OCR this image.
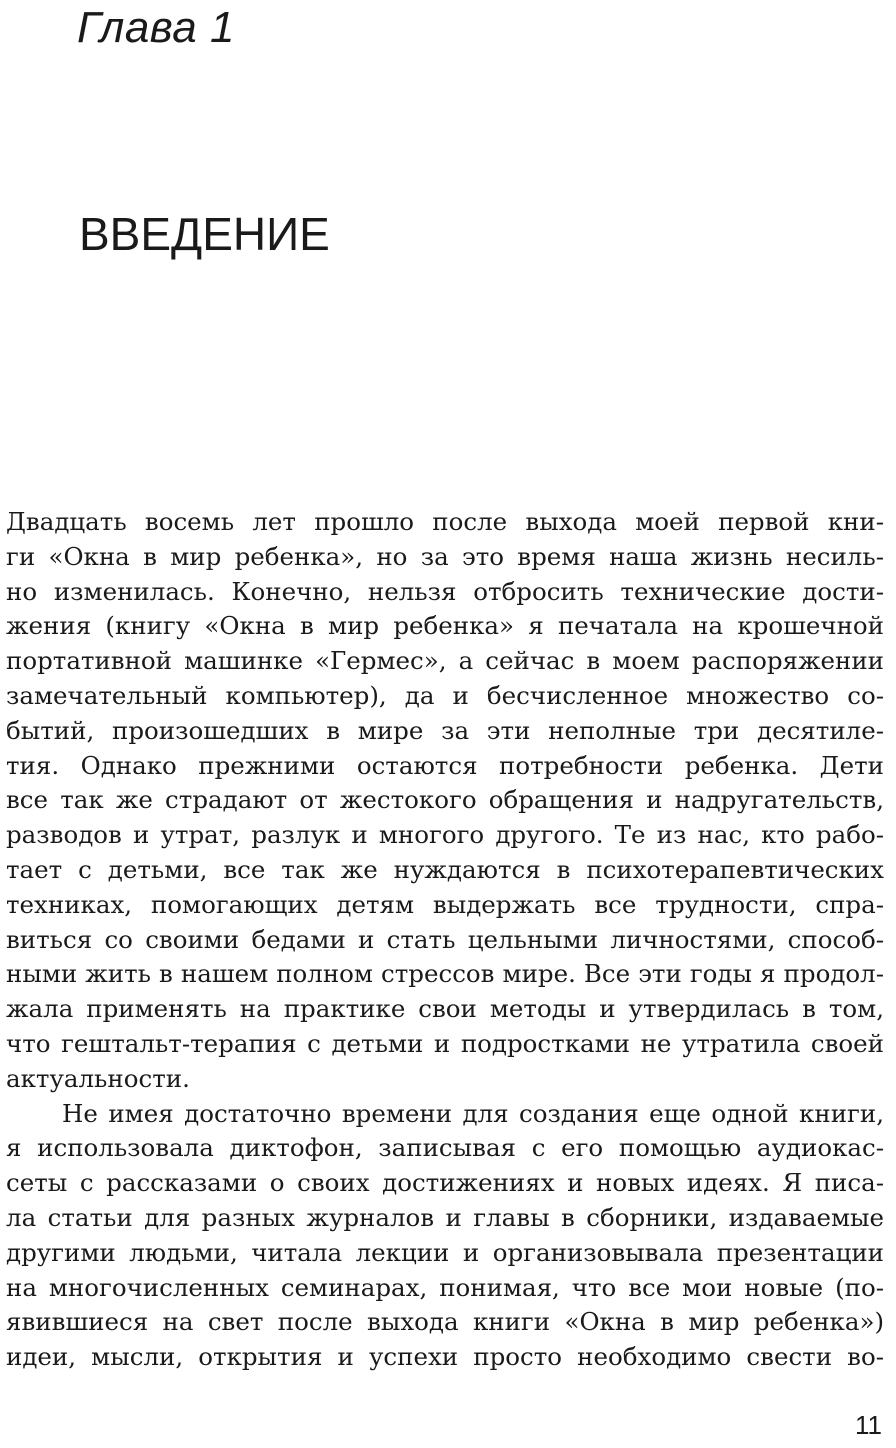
Глава 1
ВВЕДЕНИЕ
Двадцать восемь лет прошло после выхода моей первой кни-
ги «Окна в мир ребенка», но за это время наша жизнь несиль-
но изменилась. Конечно, нельзя отбросить технические дости-
жения (книгу «Окна в мир ребенка» я печатала на крошечной
портативной машинке «Гермес», а сейчас в моем распоряжении
замечательный компьютер), да и бесчисленное множество со-
бытий, произошедших в мире за эти неполные три десятиле-
тия. Однако прежними остаются потребности ребенка. Дети
все так же страдают от жестокого обращения и надругательств,
разводов и утрат, разлук и многого другого. Те из нас, кто рабо-
тает с детьми, все так же нуждаются в психотерапевтических
техниках, помогающих детям выдержать все трудности, спра-
виться со своими бедами и стать цельными личностями, способ-
ными жить в нашем полном стрессов мире. Все эти годы я продол-
жала применять на практике свои методы и утвердилась в том,
что гештальт-терапия с детьми и подростками не утратила своей
актуальности.
Не имея достаточно времени для создания еще одной книги,
я использовала диктофон, записывая с его помощью аудиокас-
сеты с рассказами о своих достижениях и новых идеях. Я писа-
ла статьи для разных журналов и главы в сборники, издаваемые
другими людьми, читала лекции и организовывала презентации
на многочисленных семинарах, понимая, что все мои новые (по-
явившиеся на свет после выхода книги «Окна в мир ребенка»)
идеи, мысли, открытия и успехи просто необходимо свести во-

11
